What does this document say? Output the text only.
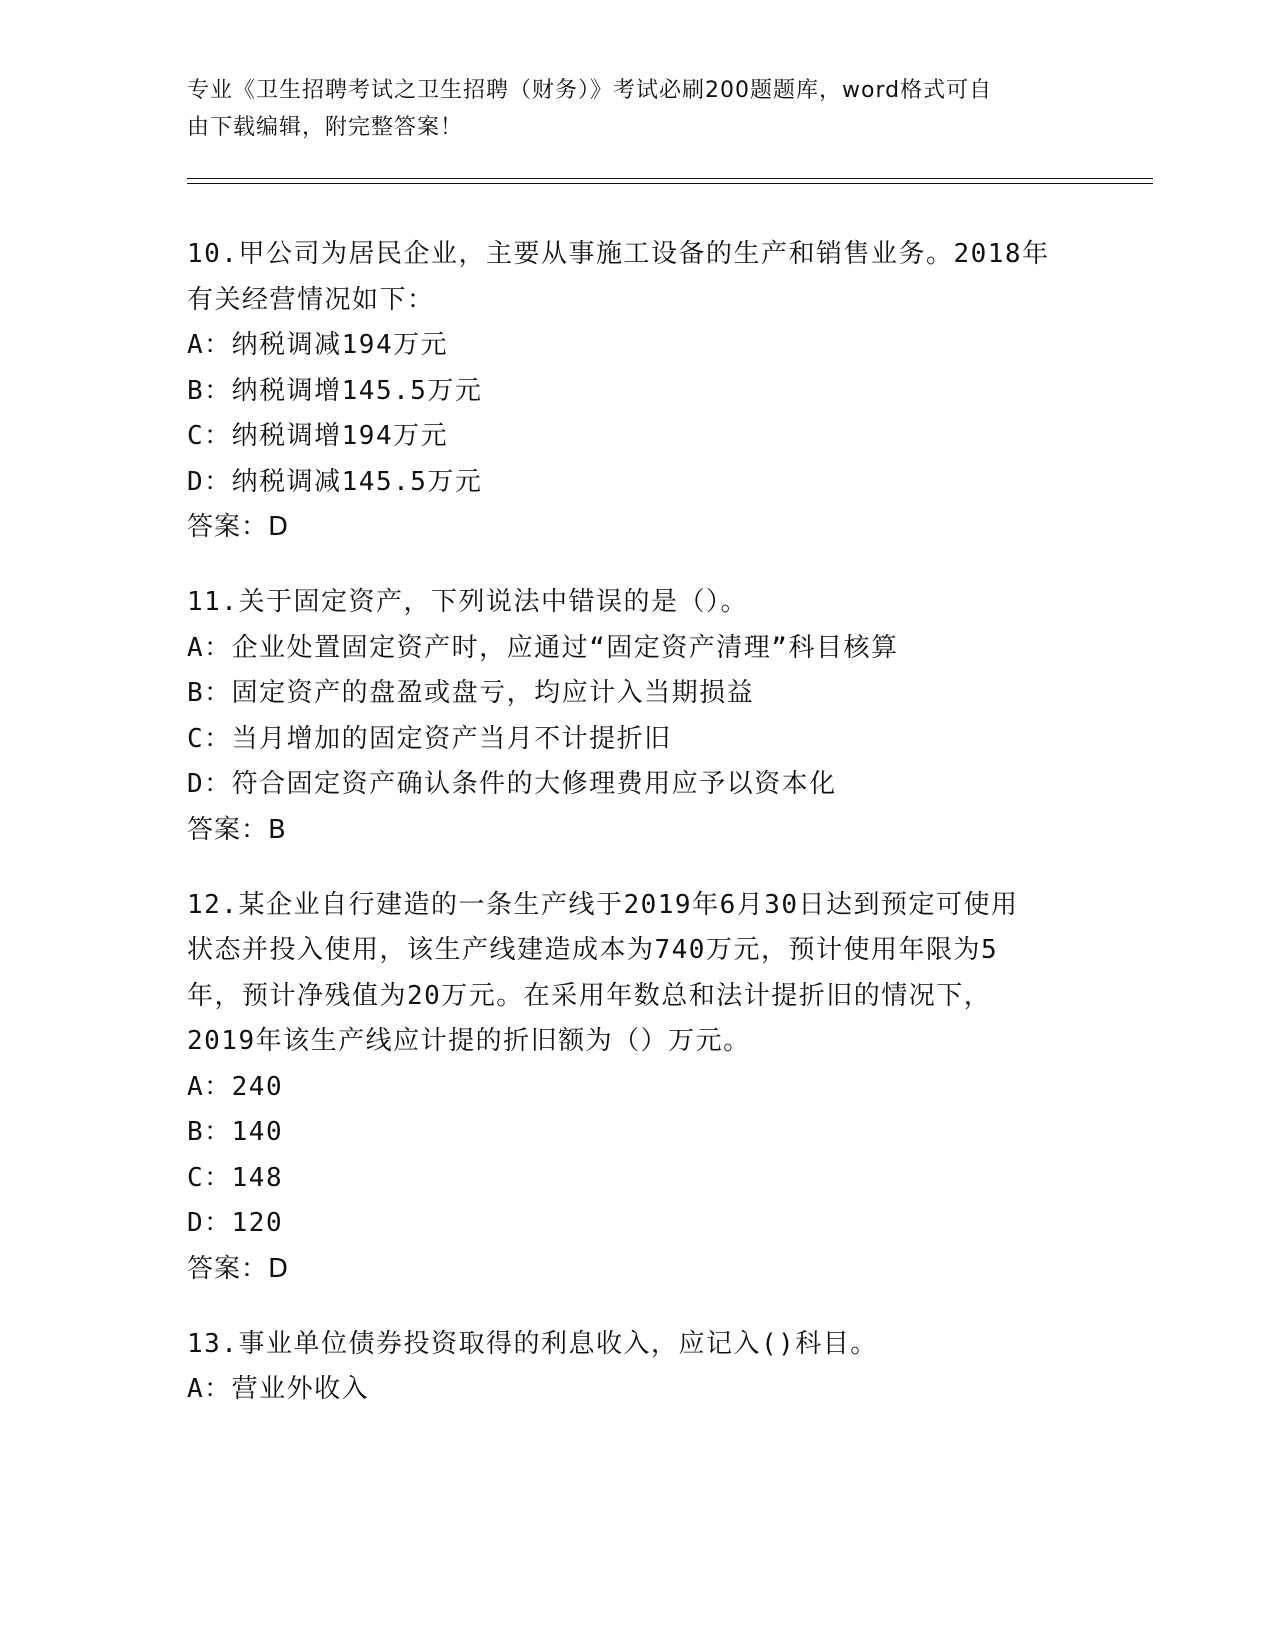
专业《卫生招聘考试之卫生招聘（财务）》考试必刷200题题库，word格式可自
由下载编辑，附完整答案！

10.甲公司为居民企业，主要从事施工设备的生产和销售业务。2018年

有关经营情况如下：

A：纳税调减194万元

B：纳税调增145.5万元

C：纳税调增194万元

D：纳税调减145.5万元

答案：D

11.关于固定资产，下列说法中错误的是（）。

A：企业处置固定资产时，应通过“固定资产清理”科目核算

B：固定资产的盘盈或盘亏，均应计入当期损益

C：当月增加的固定资产当月不计提折旧

D：符合固定资产确认条件的大修理费用应予以资本化

答案：B

12.某企业自行建造的一条生产线于2019年6月30日达到预定可使用

状态并投入使用，该生产线建造成本为740万元，预计使用年限为5

年，预计净残值为20万元。在采用年数总和法计提折旧的情况下，

2019年该生产线应计提的折旧额为（）万元。

A：240

B：140

C：148

D：120

答案：D

13.事业单位债券投资取得的利息收入，应记入()科目。

A：营业外收入
